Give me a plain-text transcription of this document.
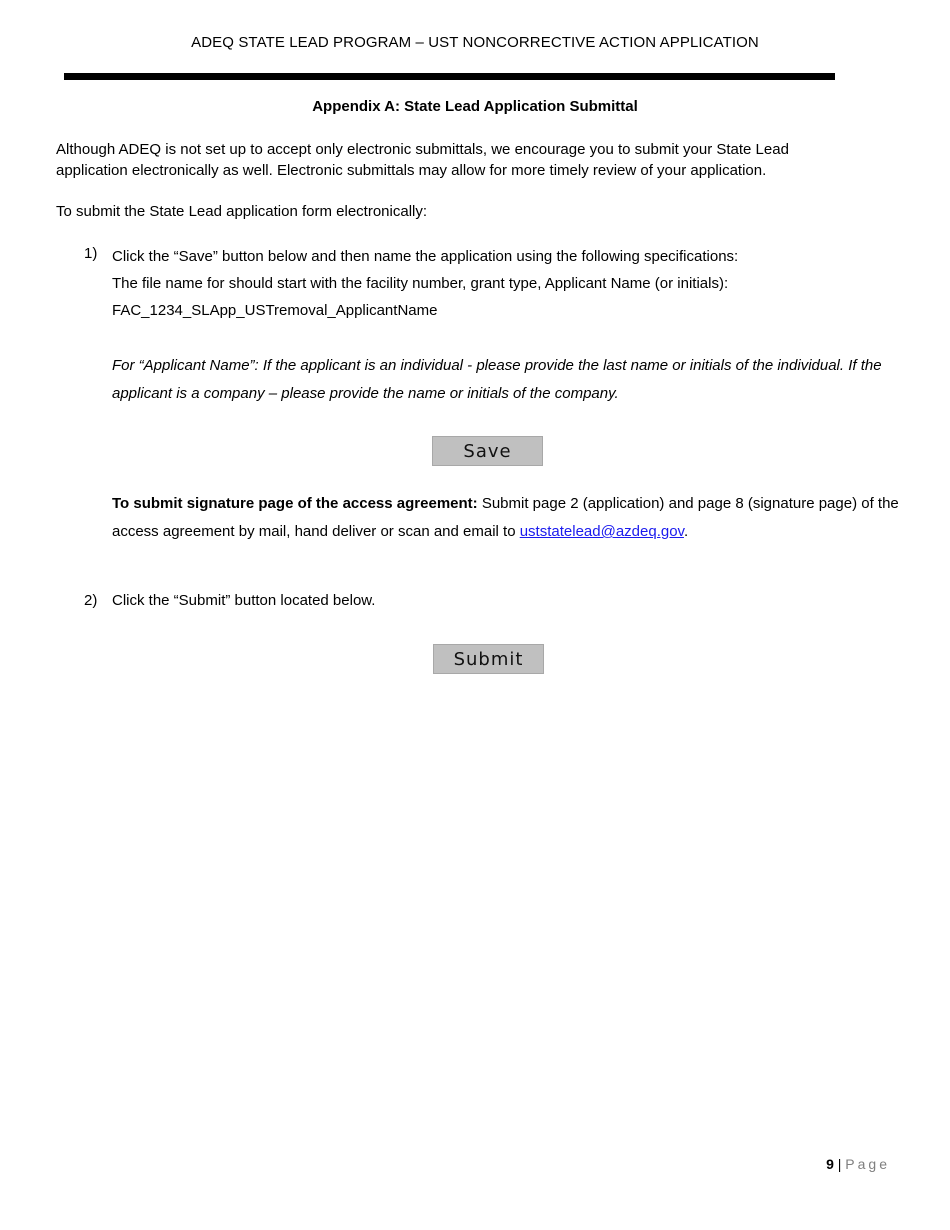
ADEQ STATE LEAD PROGRAM – UST NONCORRECTIVE ACTION APPLICATION
Appendix A: State Lead Application Submittal
Although ADEQ is not set up to accept only electronic submittals, we encourage you to submit your State Lead application electronically as well. Electronic submittals may allow for more timely review of your application.
To submit the State Lead application form electronically:
1) Click the “Save” button below and then name the application using the following specifications:
The file name for should start with the facility number, grant type, Applicant Name (or initials):
FAC_1234_SLApp_USTremoval_ApplicantName
For “Applicant Name”: If the applicant is an individual - please provide the last name or initials of the individual. If the applicant is a company – please provide the name or initials of the company.
Save
To submit signature page of the access agreement: Submit page 2 (application) and page 8 (signature page) of the access agreement by mail, hand deliver or scan and email to uststatelead@azdeq.gov.
2) Click the “Submit” button located below.
Submit
9 | Page
